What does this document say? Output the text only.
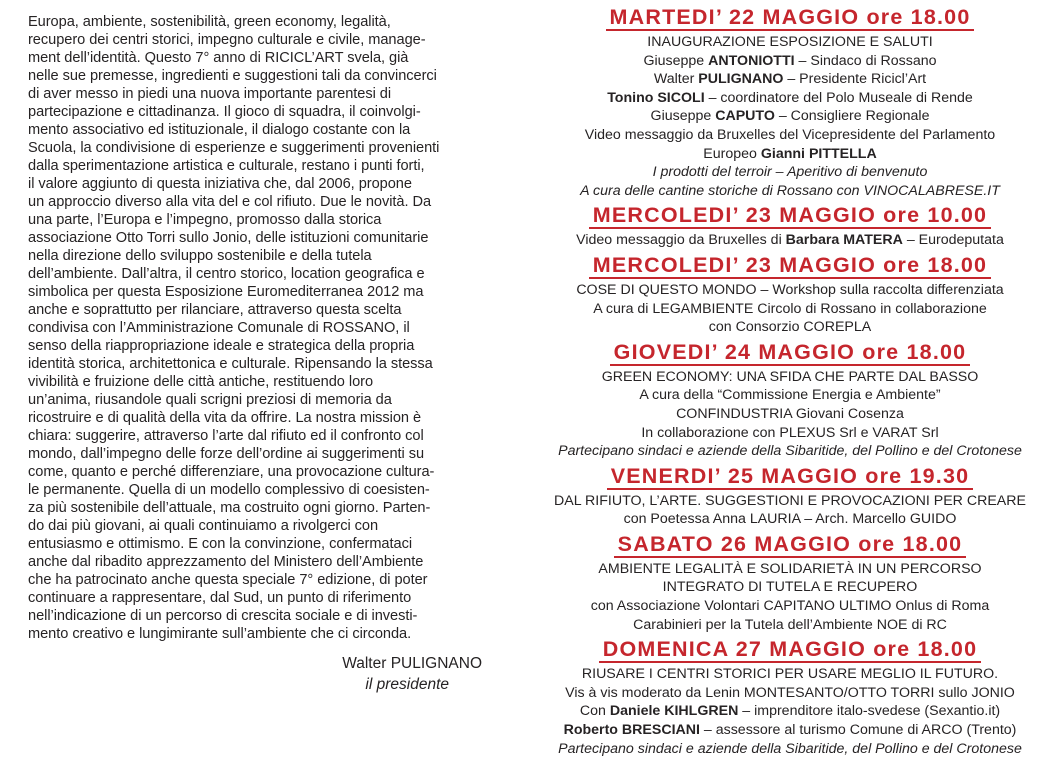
Europa, ambiente, sostenibilità, green economy, legalità,
recupero dei centri storici, impegno culturale e civile, manage-
ment dell’identità. Questo 7° anno di RICICL’ART svela, già
nelle sue premesse, ingredienti e suggestioni tali da convincerci
di aver messo in piedi una nuova importante parentesi di
partecipazione e cittadinanza. Il gioco di squadra, il coinvolgi-
mento associativo ed istituzionale, il dialogo costante con la
Scuola, la condivisione di esperienze e suggerimenti provenienti
dalla sperimentazione artistica e culturale, restano i punti forti,
il valore aggiunto di questa iniziativa che, dal 2006, propone
un approccio diverso alla vita del e col rifiuto. Due le novità. Da
una parte, l’Europa e l’impegno, promosso dalla storica
associazione Otto Torri sullo Jonio, delle istituzioni comunitarie
nella direzione dello sviluppo sostenibile e della tutela
dell’ambiente. Dall’altra, il centro storico, location geografica e
simbolica per questa Esposizione Euromediterranea 2012 ma
anche e soprattutto per rilanciare, attraverso questa scelta
condivisa con l’Amministrazione Comunale di ROSSANO, il
senso della riappropriazione ideale e strategica della propria
identità storica, architettonica e culturale. Ripensando la stessa
vivibilità e fruizione delle città antiche, restituendo loro
un’anima, riusandole quali scrigni preziosi di memoria da
ricostruire e di qualità della vita da offrire. La nostra mission è
chiara: suggerire, attraverso l’arte dal rifiuto ed il confronto col
mondo, dall’impegno delle forze dell’ordine ai suggerimenti su
come, quanto e perché differenziare, una provocazione cultura-
le permanente. Quella di un modello complessivo di coesisten-
za più sostenibile dell’attuale, ma costruito ogni giorno. Parten-
do dai più giovani, ai quali continuiamo a rivolgerci con
entusiasmo e ottimismo. E con la convinzione, confermataci
anche dal ribadito apprezzamento del Ministero dell’Ambiente
che ha patrocinato anche questa speciale 7° edizione, di poter
continuare a rappresentare, dal Sud, un punto di riferimento
nell’indicazione di un percorso di crescita sociale e di investi-
mento creativo e lungimirante sull’ambiente che ci circonda.
Walter PULIGNANO
il presidente
MARTEDI’ 22 MAGGIO ore 18.00
INAUGURAZIONE ESPOSIZIONE E SALUTI
Giuseppe ANTONIOTTI – Sindaco di Rossano
Walter PULIGNANO – Presidente Ricicl’Art
Tonino SICOLI – coordinatore del Polo Museale di Rende
Giuseppe CAPUTO – Consigliere Regionale
Video messaggio da Bruxelles del Vicepresidente del Parlamento
Europeo Gianni PITTELLA
I prodotti del terroir – Aperitivo di benvenuto
A cura delle cantine storiche di Rossano con VINOCALABRESE.IT
MERCOLEDI’ 23 MAGGIO ore 10.00
Video messaggio da Bruxelles di Barbara MATERA – Eurodeputata
MERCOLEDI’ 23 MAGGIO ore 18.00
COSE DI QUESTO MONDO – Workshop sulla raccolta differenziata
A cura di LEGAMBIENTE Circolo di Rossano in collaborazione
con Consorzio COREPLA
GIOVEDI’ 24 MAGGIO ore 18.00
GREEN ECONOMY: UNA SFIDA CHE PARTE DAL BASSO
A cura della “Commissione Energia e Ambiente”
CONFINDUSTRIA Giovani Cosenza
In collaborazione con PLEXUS Srl e VARAT Srl
Partecipano sindaci e aziende della Sibaritide, del Pollino e del Crotonese
VENERDI’ 25 MAGGIO ore 19.30
DAL RIFIUTO, L’ARTE. SUGGESTIONI E PROVOCAZIONI PER CREARE
con Poetessa Anna LAURIA – Arch. Marcello GUIDO
SABATO 26 MAGGIO ore 18.00
AMBIENTE LEGALITÀ E SOLIDARIETÀ IN UN PERCORSO
INTEGRATO DI TUTELA E RECUPERO
con Associazione Volontari CAPITANO ULTIMO Onlus di Roma
Carabinieri per la Tutela dell’Ambiente NOE di RC
DOMENICA 27 MAGGIO ore 18.00
RIUSARE I CENTRI STORICI PER USARE MEGLIO IL FUTURO.
Vis à vis moderato da Lenin MONTESANTO/OTTO TORRI sullo JONIO
Con Daniele KIHLGREN – imprenditore italo-svedese (Sexantio.it)
Roberto BRESCIANI – assessore al turismo Comune di ARCO (Trento)
Partecipano sindaci e aziende della Sibaritide, del Pollino e del Crotonese
